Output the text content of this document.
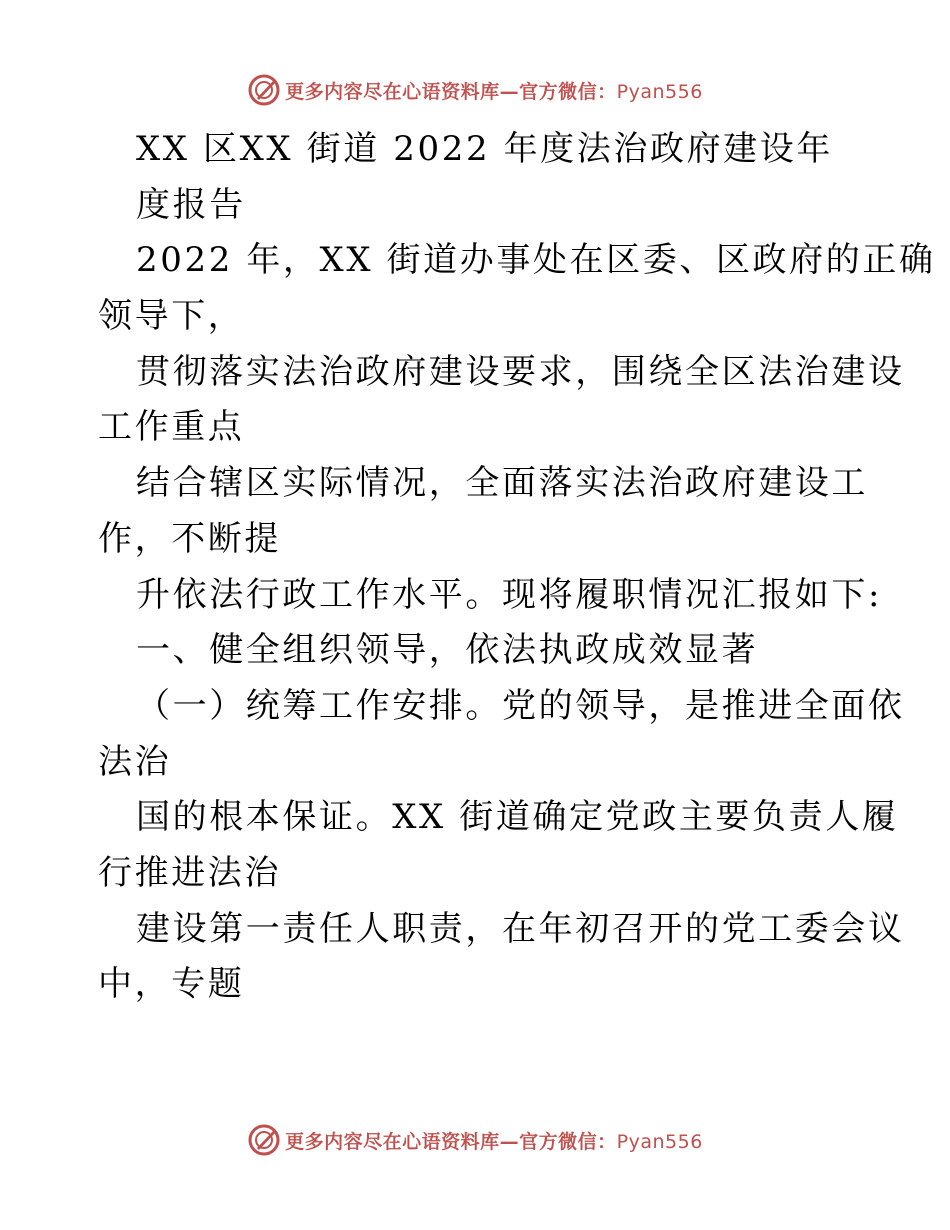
更多内容尽在心语资料库—官方微信：Pyan556
XX 区XX 街道 2022 年度法治政府建设年
度报告
2022 年，XX 街道办事处在区委、区政府的正确
领导下，
贯彻落实法治政府建设要求，围绕全区法治建设
工作重点
结合辖区实际情况，全面落实法治政府建设工
作，不断提
升依法行政工作水平。现将履职情况汇报如下:
一、健全组织领导，依法执政成效显著
（一）统筹工作安排。党的领导，是推进全面依
法治
国的根本保证。XX 街道确定党政主要负责人履
行推进法治
建设第一责任人职责，在年初召开的党工委会议
中，专题
更多内容尽在心语资料库—官方微信：Pyan556
